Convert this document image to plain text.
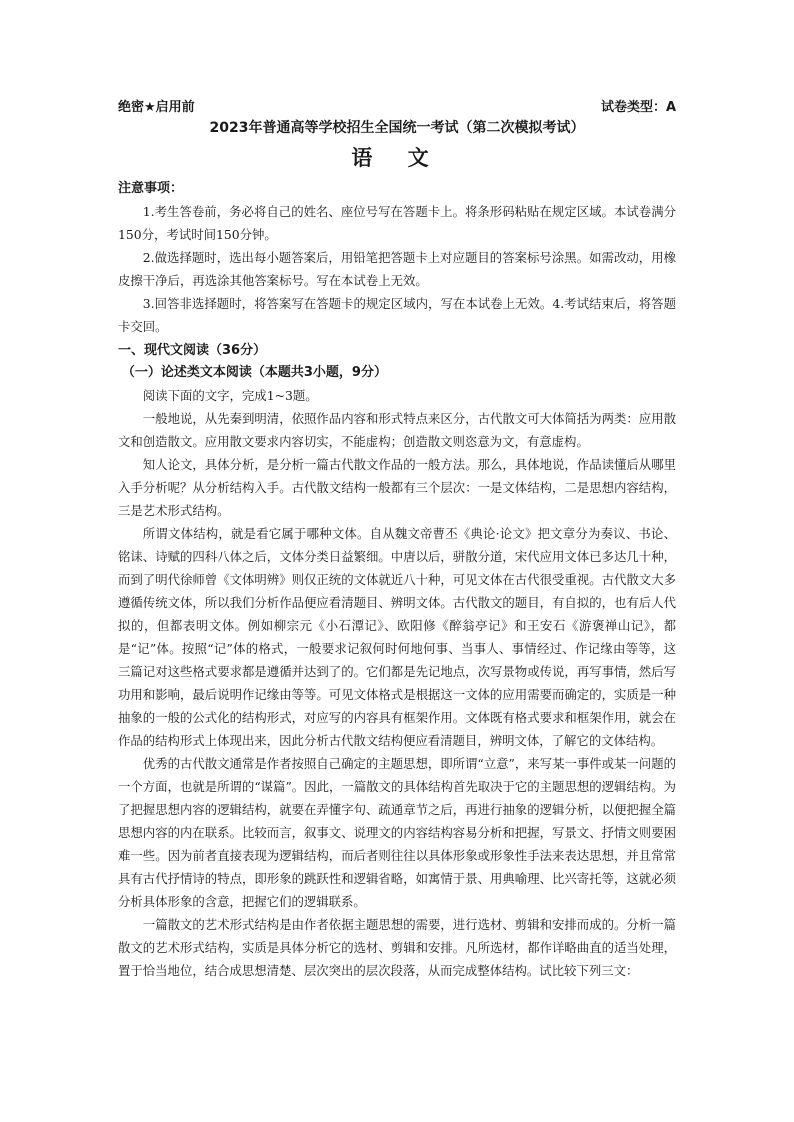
绝密★启用前	试卷类型：A
2023年普通高等学校招生全国统一考试（第二次模拟考试）
语 文
注意事项：

1.考生答卷前，务必将自己的姓名、座位号写在答题卡上。将条形码粘贴在规定区域。本试卷满分150分，考试时间150分钟。

2.做选择题时，选出每小题答案后，用铅笔把答题卡上对应题目的答案标号涂黑。如需改动，用橡皮擦干净后，再选涂其他答案标号。写在本试卷上无效。

3.回答非选择题时，将答案写在答题卡的规定区域内，写在本试卷上无效。4.考试结束后，将答题卡交回。

一、现代文阅读（36分）
（一）论述类文本阅读（本题共3小题，9分）

阅读下面的文字，完成1~3题。

一般地说，从先秦到明清，依照作品内容和形式特点来区分，古代散文可大体简括为两类：应用散文和创造散文。应用散文要求内容切实，不能虚构；创造散文则恣意为文，有意虚构。

知人论文，具体分析，是分析一篇古代散文作品的一般方法。那么，具体地说，作品读懂后从哪里入手分析呢？从分析结构入手。古代散文结构一般都有三个层次：一是文体结构，二是思想内容结构，三是艺术形式结构。

所谓文体结构，就是看它属于哪种文体。自从魏文帝曹丕《典论·论文》把文章分为奏议、书论、铭诔、诗赋的四科八体之后，文体分类日益繁细。中唐以后，骈散分道，宋代应用文体已多达几十种，而到了明代徐师曾《文体明辨》则仅正统的文体就近八十种，可见文体在古代很受重视。古代散文大多遵循传统文体，所以我们分析作品便应看清题目、辨明文体。古代散文的题目，有自拟的，也有后人代拟的，但都表明文体。例如柳宗元《小石潭记》、欧阳修《醉翁亭记》和王安石《游褒禅山记》，都是“记”体。按照“记”体的格式，一般要求记叙何时何地何事、当事人、事情经过、作记缘由等等，这三篇记对这些格式要求都是遵循并达到了的。它们都是先记地点，次写景物或传说，再写事情，然后写功用和影响，最后说明作记缘由等等。可见文体格式是根据这一文体的应用需要而确定的，实质是一种抽象的一般的公式化的结构形式，对应写的内容具有框架作用。文体既有格式要求和框架作用，就会在作品的结构形式上体现出来，因此分析古代散文结构便应看清题目，辨明文体，了解它的文体结构。

优秀的古代散文通常是作者按照自己确定的主题思想，即所谓“立意”，来写某一事件或某一问题的一个方面，也就是所谓的“谋篇”。因此，一篇散文的具体结构首先取决于它的主题思想的逻辑结构。为了把握思想内容的逻辑结构，就要在弄懂字句、疏通章节之后，再进行抽象的逻辑分析，以便把握全篇思想内容的内在联系。比较而言，叙事文、说理文的内容结构容易分析和把握，写景文、抒情文则要困难一些。因为前者直接表现为逻辑结构，而后者则往往以具体形象或形象性手法来表达思想，并且常常具有古代抒情诗的特点，即形象的跳跃性和逻辑省略，如寓情于景、用典喻理、比兴寄托等，这就必须分析具体形象的含意，把握它们的逻辑联系。

一篇散文的艺术形式结构是由作者依据主题思想的需要，进行选材、剪辑和安排而成的。分析一篇散文的艺术形式结构，实质是具体分析它的选材、剪辑和安排。凡所选材，都作详略曲直的适当处理，置于恰当地位，结合成思想清楚、层次突出的层次段落，从而完成整体结构。试比较下列三文：
